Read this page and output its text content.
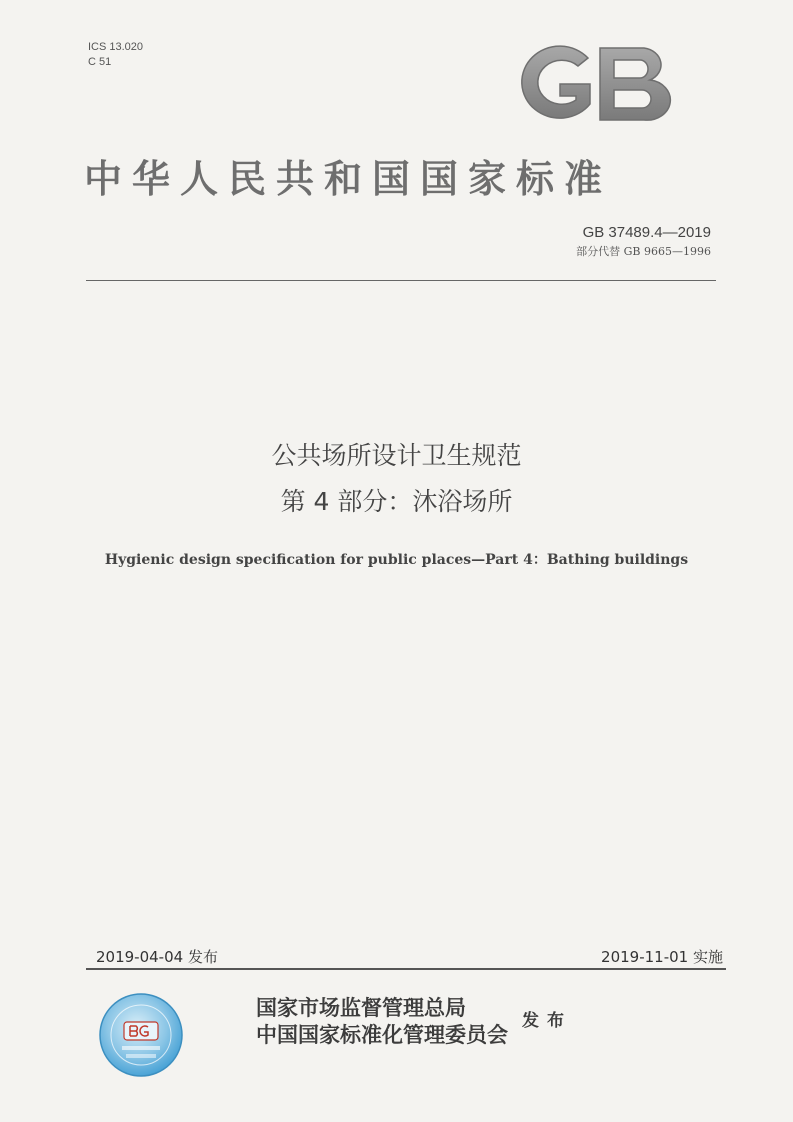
ICS 13.020
C 51
中华人民共和国国家标准
GB 37489.4—2019
部分代替 GB 9665—1996
公共场所设计卫生规范
第 4 部分：沐浴场所
Hygienic design specification for public places—Part 4：Bathing buildings
2019-04-04 发布	2019-11-01 实施
国家市场监督管理总局
中国国家标准化管理委员会
发布
